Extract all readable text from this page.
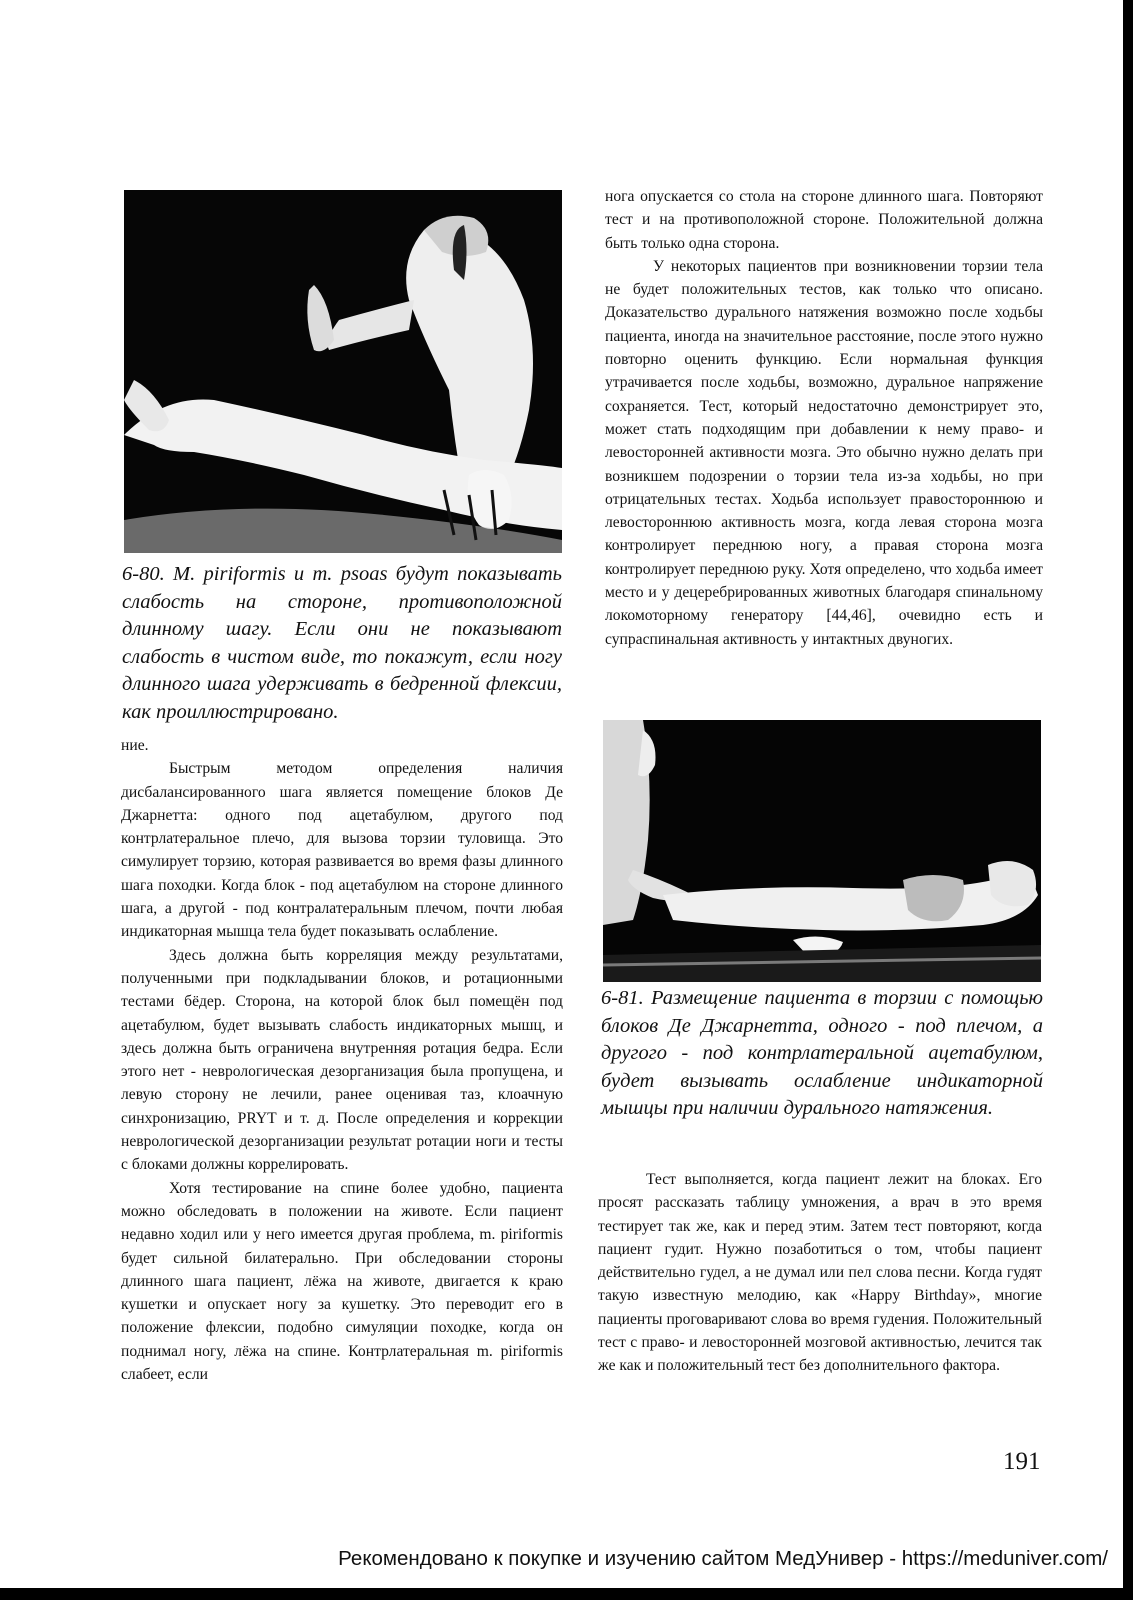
6-80. M. piriformis и m. psoas будут показывать слабость на стороне, противоположной длинному шагу. Если они не показывают слабость в чистом виде, то покажут, если ногу длинного шага удерживать в бедренной флексии, как проиллюстрировано.

ние.

Быстрым методом определения наличия дисбалансированного шага является помещение блоков Де Джарнетта: одного под ацетабулюм, другого под контрлатеральное плечо, для вызова торзии туловища. Это симулирует торзию, которая развивается во время фазы длинного шага походки. Когда блок - под ацетабулюм на стороне длинного шага, а другой - под контралатеральным плечом, почти любая индикаторная мышца тела будет показывать ослабление.

Здесь должна быть корреляция между результатами, полученными при подкладывании блоков, и ротационными тестами бёдер. Сторона, на которой блок был помещён под ацетабулюм, будет вызывать слабость индикаторных мышц, и здесь должна быть ограничена внутренняя ротация бедра. Если этого нет - неврологическая дезорганизация была пропущена, и левую сторону не лечили, ранее оценивая таз, клоачную синхронизацию, PRYT и т. д. После определения и коррекции неврологической дезорганизации результат ротации ноги и тесты с блоками должны коррелировать.

Хотя тестирование на спине более удобно, пациента можно обследовать в положении на животе. Если пациент недавно ходил или у него имеется другая проблема, m. piriformis будет сильной билатерально. При обследовании стороны длинного шага пациент, лёжа на животе, двигается к краю кушетки и опускает ногу за кушетку. Это переводит его в положение флексии, подобно симуляции походке, когда он поднимал ногу, лёжа на спине. Контрлатеральная m. piriformis слабеет, если

нога опускается со стола на стороне длинного шага. Повторяют тест и на противоположной стороне. Положительной должна быть только одна сторона.

У некоторых пациентов при возникновении торзии тела не будет положительных тестов, как только что описано. Доказательство дурального натяжения возможно после ходьбы пациента, иногда на значительное расстояние, после этого нужно повторно оценить функцию. Если нормальная функция утрачивается после ходьбы, возможно, дуральное напряжение сохраняется. Тест, который недостаточно демонстрирует это, может стать подходящим при добавлении к нему право- и левосторонней активности мозга. Это обычно нужно делать при возникшем подозрении о торзии тела из-за ходьбы, но при отрицательных тестах. Ходьба использует правостороннюю и левостороннюю активность мозга, когда левая сторона мозга контролирует переднюю ногу, а правая сторона мозга контролирует переднюю руку. Хотя определено, что ходьба имеет место и у децеребрированных животных благодаря спинальному локомоторному генератору [44,46], очевидно есть и супраспинальная активность у интактных двуногих.

6-81. Размещение пациента в торзии с помощью блоков Де Джарнетта, одного - под плечом, а другого - под контрлатеральной ацетабулюм, будет вызывать ослабление индикаторной мышцы при наличии дурального натяжения.

Тест выполняется, когда пациент лежит на блоках. Его просят рассказать таблицу умножения, а врач в это время тестирует так же, как и перед этим. Затем тест повторяют, когда пациент гудит. Нужно позаботиться о том, чтобы пациент действительно гудел, а не думал или пел слова песни. Когда гудят такую известную мелодию, как «Happy Birthday», многие пациенты проговаривают слова во время гудения. Положительный тест с право- и левосторонней мозговой активностью, лечится так же как и положительный тест без дополнительного фактора.

191
Рекомендовано к покупке и изучению сайтом МедУнивер - https://meduniver.com/
